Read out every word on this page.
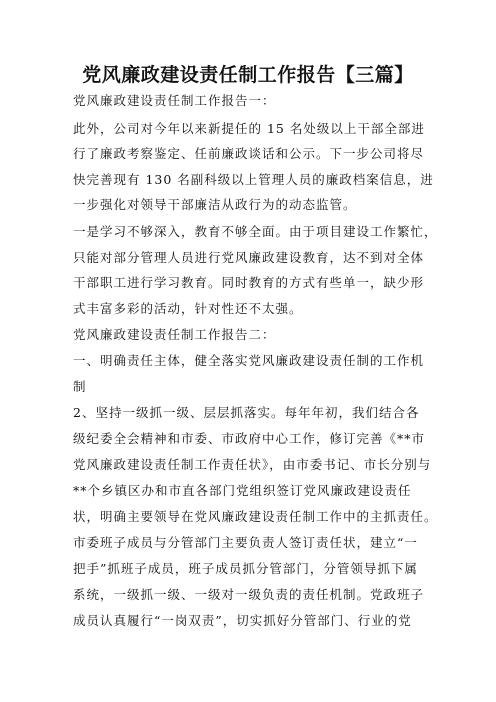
党风廉政建设责任制工作报告【三篇】
党风廉政建设责任制工作报告一：
此外，公司对今年以来新提任的 15 名处级以上干部全部进
行了廉政考察鉴定、任前廉政谈话和公示。下一步公司将尽
快完善现有 130 名副科级以上管理人员的廉政档案信息，进
一步强化对领导干部廉洁从政行为的动态监管。
一是学习不够深入，教育不够全面。由于项目建设工作繁忙，
只能对部分管理人员进行党风廉政建设教育，达不到对全体
干部职工进行学习教育。同时教育的方式有些单一，缺少形
式丰富多彩的活动，针对性还不太强。
党风廉政建设责任制工作报告二：
一、明确责任主体，健全落实党风廉政建设责任制的工作机
制
2、坚持一级抓一级、层层抓落实。每年年初，我们结合各
级纪委全会精神和市委、市政府中心工作，修订完善《**市
党风廉政建设责任制工作责任状》，由市委书记、市长分别与
**个乡镇区办和市直各部门党组织签订党风廉政建设责任
状，明确主要领导在党风廉政建设责任制工作中的主抓责任。
市委班子成员与分管部门主要负责人签订责任状，建立“一
把手”抓班子成员，班子成员抓分管部门，分管领导抓下属
系统，一级抓一级、一级对一级负责的责任机制。党政班子
成员认真履行“一岗双责”，切实抓好分管部门、行业的党
